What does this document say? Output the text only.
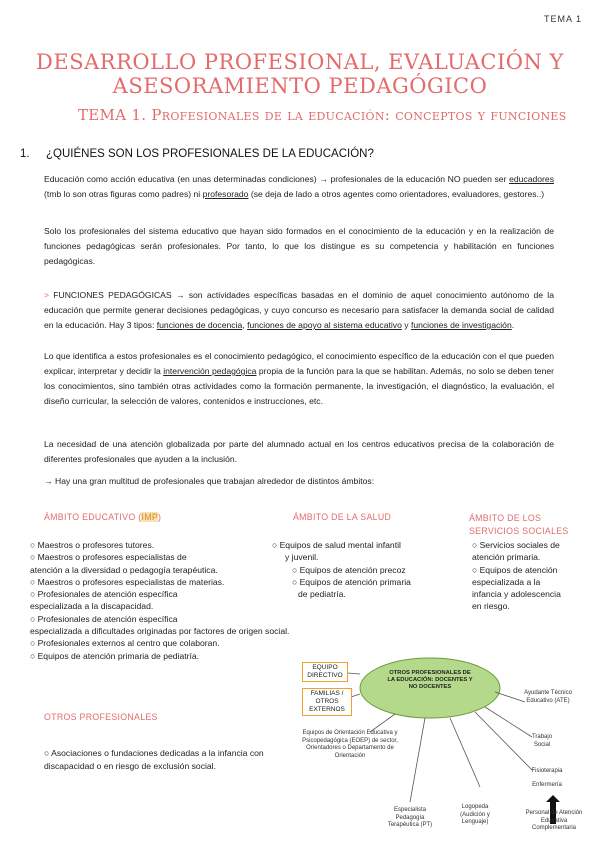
TEMA 1
DESARROLLO PROFESIONAL, EVALUACIÓN Y ASESORAMIENTO PEDAGÓGICO
TEMA 1. Profesionales de la educación: conceptos y funciones
1. ¿QUIÉNES SON LOS PROFESIONALES DE LA EDUCACIÓN?
Educación como acción educativa (en unas determinadas condiciones) → profesionales de la educación NO pueden ser educadores (tmb lo son otras figuras como padres) ni profesorado (se deja de lado a otros agentes como orientadores, evaluadores, gestores..)
Solo los profesionales del sistema educativo que hayan sido formados en el conocimiento de la educación y en la realización de funciones pedagógicas serán profesionales. Por tanto, lo que los distingue es su competencia y habilitación en funciones pedagógicas.
> FUNCIONES PEDAGÓGICAS → son actividades específicas basadas en el dominio de aquel conocimiento autónomo de la educación que permite generar decisiones pedagógicas, y cuyo concurso es necesario para satisfacer la demanda social de calidad en la educación. Hay 3 tipos: funciones de docencia, funciones de apoyo al sistema educativo y funciones de investigación.
Lo que identifica a estos profesionales es el conocimiento pedagógico, el conocimiento específico de la educación con el que pueden explicar, interpretar y decidir la intervención pedagógica propia de la función para la que se habilitan. Además, no solo se deben tener los conocimientos, sino también otras actividades como la formación permanente, la investigación, el diagnóstico, la evaluación, el diseño curricular, la selección de valores, contenidos e instrucciones, etc.
La necesidad de una atención globalizada por parte del alumnado actual en los centros educativos precisa de la colaboración de diferentes profesionales que ayuden a la inclusión.
→ Hay una gran multitud de profesionales que trabajan alrededor de distintos ámbitos:
ÁMBITO EDUCATIVO (IMP)
○ Maestros o profesores tutores.
○ Maestros o profesores especialistas de
atención a la diversidad o pedagogía terapéutica.
○ Maestros o profesores especialistas de materias.
○ Profesionales de atención específica
especializada a la discapacidad.
○ Profesionales de atención específica
especializada a dificultades originadas por factores de origen social.
○ Profesionales externos al centro que colaboran.
○ Equipos de atención primaria de pediatría.
ÁMBITO DE LA SALUD
○ Equipos de salud mental infantil
y juvenil.
○ Equipos de atención precoz
○ Equipos de atención primaria
de pediatría.
ÁMBITO DE LOS
SERVICIOS SOCIALES
○ Servicios sociales de
atención primaria.
○ Equipos de atención
especializada a la
infancia y adolescencia
en riesgo.
OTROS PROFESIONALES
○ Asociaciones o fundaciones dedicadas a la infancia con discapacidad o en riesgo de exclusión social.
OTROS PROFESIONALES DE LA EDUCACIÓN: DOCENTES Y NO DOCENTES
EQUIPO DIRECTIVO
FAMILIAS / OTROS EXTERNOS
Equipos de Orientación Educativa y Psicopedagógica (EOEP) de sector, Orientadores o Departamento de Orientación
Ayudante Técnico Educativo (ATE)
Trabajo Social
Fisioterapia
Enfermería
Especialista Pedagogía Terapéutica (PT)
Logopeda (Audición y Lenguaje)
Personal de Atención Educativa Complementaria
